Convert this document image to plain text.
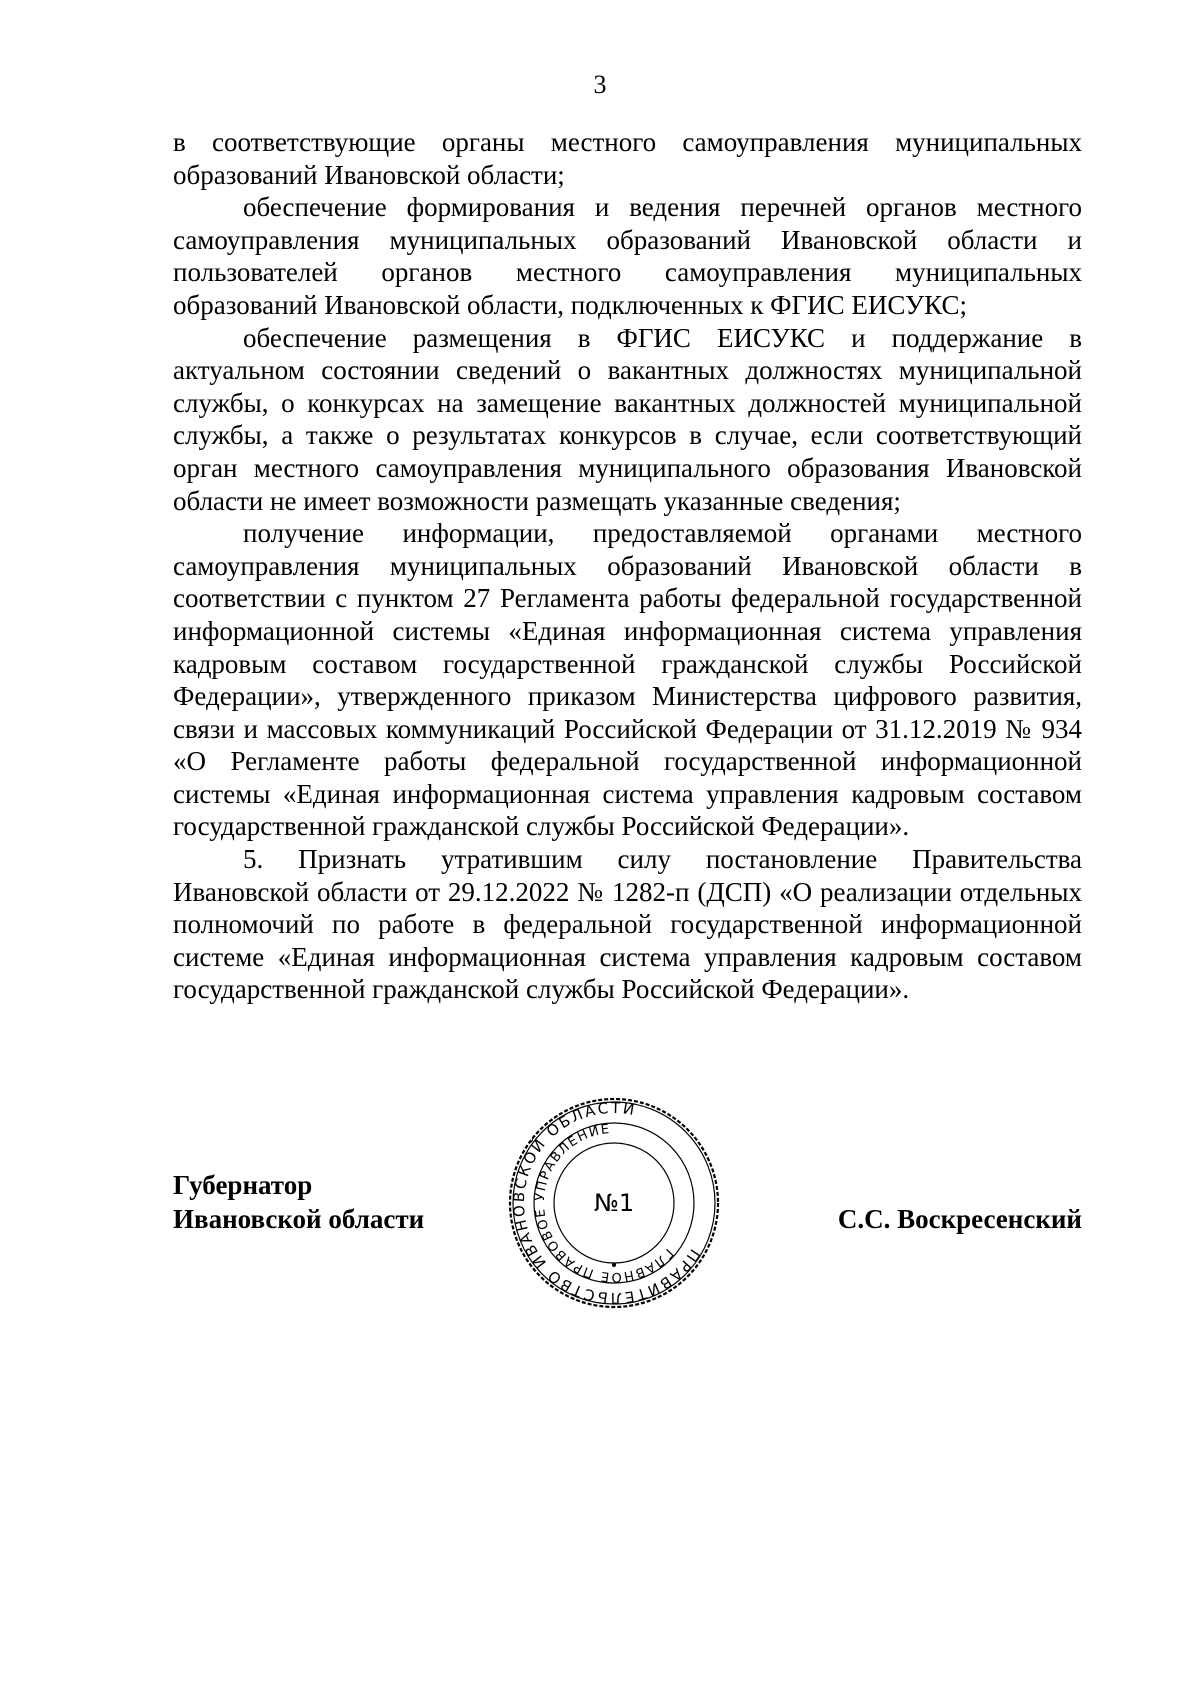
3

в соответствующие органы местного самоуправления муниципальных образований Ивановской области;

обеспечение формирования и ведения перечней органов местного самоуправления муниципальных образований Ивановской области и пользователей органов местного самоуправления муниципальных образований Ивановской области, подключенных к ФГИС ЕИСУКС;

обеспечение размещения в ФГИС ЕИСУКС и поддержание в актуальном состоянии сведений о вакантных должностях муниципальной службы, о конкурсах на замещение вакантных должностей муниципальной службы, а также о результатах конкурсов в случае, если соответствующий орган местного самоуправления муниципального образования Ивановской области не имеет возможности размещать указанные сведения;

получение информации, предоставляемой органами местного самоуправления муниципальных образований Ивановской области в соответствии с пунктом 27 Регламента работы федеральной государственной информационной системы «Единая информационная система управления кадровым составом государственной гражданской службы Российской Федерации», утвержденного приказом Министерства цифрового развития, связи и массовых коммуникаций Российской Федерации от 31.12.2019 № 934 «О Регламенте работы федеральной государственной информационной системы «Единая информационная система управления кадровым составом государственной гражданской службы Российской Федерации».

5. Признать утратившим силу постановление Правительства Ивановской области от 29.12.2022 № 1282-п (ДСП) «О реализации отдельных полномочий по работе в федеральной государственной информационной системе «Единая информационная система управления кадровым составом государственной гражданской службы Российской Федерации».

Губернатор
Ивановской области	С.С. Воскресенский
ПРАВИТЕЛЬСТВО ИВАНОВСКОЙ ОБЛАСТИ
ГЛАВНОЕ ПРАВОВОЕ УПРАВЛЕНИЕ
№1
